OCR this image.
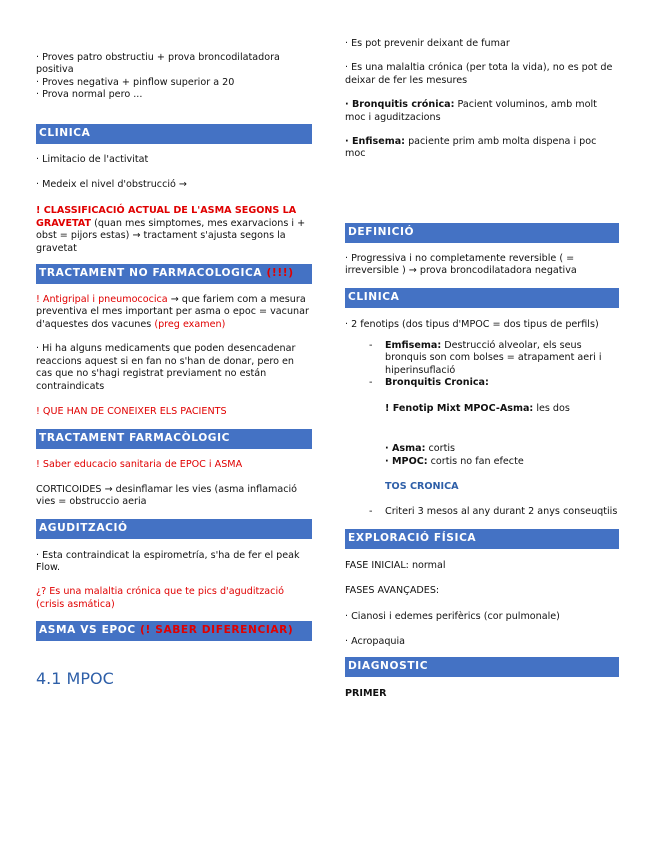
· Proves patro obstructiu + prova broncodilatadora positiva

· Proves negativa + pinflow superior a 20

· Prova normal pero ...

CLINICA

· Limitacio de l'activitat

· Medeix el nivel d'obstrucció →

! CLASSIFICACIÓ ACTUAL DE L'ASMA SEGONS LA GRAVETAT (quan mes simptomes, mes exarvacions i + obst = pijors estas) → tractament s'ajusta segons la gravetat

TRACTAMENT NO FARMACOLOGICA (!!!)

! Antigripal i pneumococica → que fariem com a mesura preventiva el mes important per asma o epoc = vacunar d'aquestes dos vacunes (preg examen)

· Hi ha alguns medicaments que poden desencadenar reaccions aquest si en fan no s'han de donar, pero en cas que no s'hagi registrat previament no están contraindicats

! QUE HAN DE CONEIXER ELS PACIENTS

TRACTAMENT FARMACÒLOGIC

! Saber educacio sanitaria de EPOC i ASMA

CORTICOIDES → desinflamar les vies (asma inflamació vies = obstruccio aeria

AGUDITZACIÓ

· Esta contraindicat la espirometría, s'ha de fer el peak Flow.

¿? Es una malaltia crónica que te pics d'agudització (crisis asmática)

ASMA VS EPOC (! SABER DIFERENCIAR)
4.1 MPOC

· Es pot prevenir deixant de fumar

· Es una malaltia crónica (per tota la vida), no es pot de deixar de fer les mesures

· Bronquitis crónica: Pacient voluminos, amb molt moc i aguditzacions

· Enfisema: paciente prim amb molta dispena i poc moc

DEFINICIÓ

· Progressiva i no completamente reversible ( = irreversible ) → prova broncodilatadora negativa

CLINICA

· 2 fenotips (dos tipus d'MPOC = dos tipus de perfils)

- Emfisema: Destrucció alveolar, els seus bronquis son com bolses = atrapament aeri i hiperinsuflació

- Bronquitis Cronica:

! Fenotip Mixt MPOC-Asma: les dos

· Asma: cortis

· MPOC: cortis no fan efecte

TOS CRONICA

- Criteri 3 mesos al any durant 2 anys conseuqtiis

EXPLORACIÓ FÍSICA

FASE INICIAL: normal

FASES AVANÇADES:

· Cianosi i edemes perifèrics (cor pulmonale)

· Acropaquia

DIAGNOSTIC

PRIMER
